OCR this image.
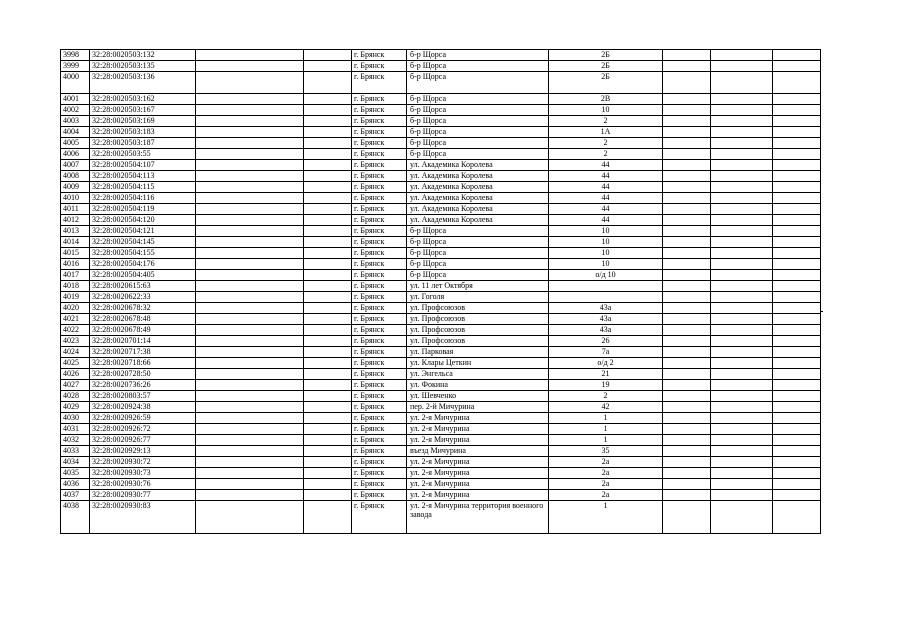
3998	32:28:0020503:132			г. Брянск	б-р Щорса	2Б			
3999	32:28:0020503:135			г. Брянск	б-р Щорса	2Б			
4000	32:28:0020503:136			г. Брянск	б-р Щорса	2Б			
4001	32:28:0020503:162			г. Брянск	б-р Щорса	2В			
4002	32:28:0020503:167			г. Брянск	б-р Щорса	10			
4003	32:28:0020503:169			г. Брянск	б-р Щорса	2			
4004	32:28:0020503:183			г. Брянск	б-р Щорса	1А			
4005	32:28:0020503:187			г. Брянск	б-р Щорса	2			
4006	32:28:0020503:55			г. Брянск	б-р Щорса	2			
4007	32:28:0020504:107			г. Брянск	ул. Академика Королева	44			
4008	32:28:0020504:113			г. Брянск	ул. Академика Королева	44			
4009	32:28:0020504:115			г. Брянск	ул. Академика Королева	44			
4010	32:28:0020504:116			г. Брянск	ул. Академика Королева	44			
4011	32:28:0020504:119			г. Брянск	ул. Академика Королева	44			
4012	32:28:0020504:120			г. Брянск	ул. Академика Королева	44			
4013	32:28:0020504:121			г. Брянск	б-р Щорса	10			
4014	32:28:0020504:145			г. Брянск	б-р Щорса	10			
4015	32:28:0020504:155			г. Брянск	б-р Щорса	10			
4016	32:28:0020504:176			г. Брянск	б-р Щорса	10			
4017	32:28:0020504:405			г. Брянск	б-р Щорса	о/д 10			
4018	32:28:0020615:63			г. Брянск	ул. 11 лет Октября				
4019	32:28:0020622:33			г. Брянск	ул. Гоголя				
4020	32:28:0020678:32			г. Брянск	ул. Профсоюзов	43а			
4021	32:28:0020678:48			г. Брянск	ул. Профсоюзов	43а			
4022	32:28:0020678:49			г. Брянск	ул. Профсоюзов	43а			
4023	32:28:0020701:14			г. Брянск	ул. Профсоюзов	26			
4024	32:28:0020717:38			г. Брянск	ул. Парковая	7а			
4025	32:28:0020718:66			г. Брянск	ул. Клары Цеткин	о/д 2			
4026	32:28:0020728:50			г. Брянск	ул. Энгельса	21			
4027	32:28:0020736:26			г. Брянск	ул. Фокина	19			
4028	32:28:0020803:57			г. Брянск	ул. Шевченко	2			
4029	32:28:0020924:38			г. Брянск	пер. 2-й Мичурина	42			
4030	32:28:0020926:59			г. Брянск	ул. 2-я Мичурина	1			
4031	32:28:0020926:72			г. Брянск	ул. 2-я Мичурина	1			
4032	32:28:0020926:77			г. Брянск	ул. 2-я Мичурина	1			
4033	32:28:0020929:13			г. Брянск	въезд Мичурина	35			
4034	32:28:0020930:72			г. Брянск	ул. 2-я Мичурина	2а			
4035	32:28:0020930:73			г. Брянск	ул. 2-я Мичурина	2а			
4036	32:28:0020930:76			г. Брянск	ул. 2-я Мичурина	2а			
4037	32:28:0020930:77			г. Брянск	ул. 2-я Мичурина	2а			
4038	32:28:0020930:83			г. Брянск	ул. 2-я Мичурина территория военного завода	1			
